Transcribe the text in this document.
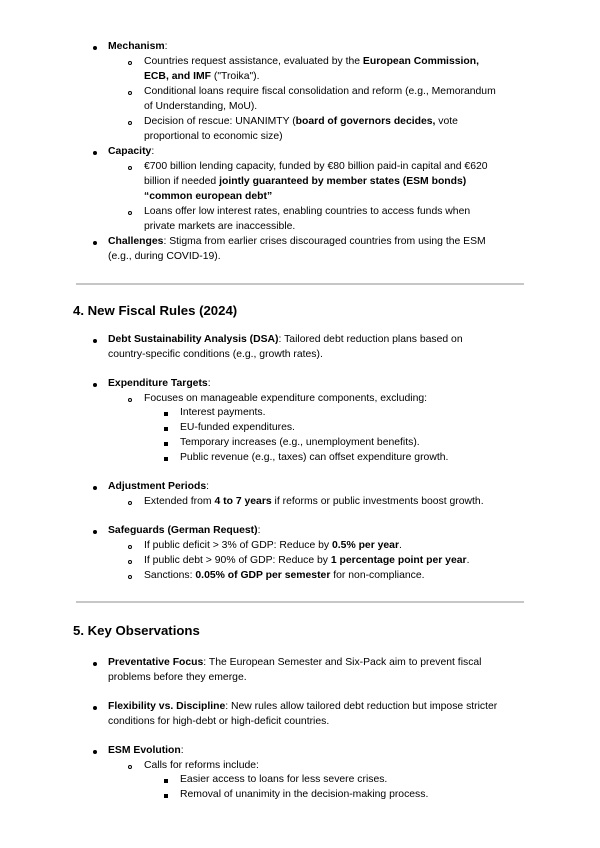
Mechanism:
Countries request assistance, evaluated by the European Commission,
ECB, and IMF ("Troika").
Conditional loans require fiscal consolidation and reform (e.g., Memorandum
of Understanding, MoU).
Decision of rescue: UNANIMTY (board of governors decides, vote
proportional to economic size)
Capacity:
€700 billion lending capacity, funded by €80 billion paid-in capital and €620
billion if needed jointly guaranteed by member states (ESM bonds)
“common european debt”
Loans offer low interest rates, enabling countries to access funds when
private markets are inaccessible.
Challenges: Stigma from earlier crises discouraged countries from using the ESM
(e.g., during COVID-19).
4. New Fiscal Rules (2024)
Debt Sustainability Analysis (DSA): Tailored debt reduction plans based on
country-specific conditions (e.g., growth rates).
Expenditure Targets:
Focuses on manageable expenditure components, excluding:
Interest payments.
EU-funded expenditures.
Temporary increases (e.g., unemployment benefits).
Public revenue (e.g., taxes) can offset expenditure growth.
Adjustment Periods:
Extended from 4 to 7 years if reforms or public investments boost growth.
Safeguards (German Request):
If public deficit > 3% of GDP: Reduce by 0.5% per year.
If public debt > 90% of GDP: Reduce by 1 percentage point per year.
Sanctions: 0.05% of GDP per semester for non-compliance.
5. Key Observations
Preventative Focus: The European Semester and Six-Pack aim to prevent fiscal
problems before they emerge.
Flexibility vs. Discipline: New rules allow tailored debt reduction but impose stricter
conditions for high-debt or high-deficit countries.
ESM Evolution:
Calls for reforms include:
Easier access to loans for less severe crises.
Removal of unanimity in the decision-making process.
